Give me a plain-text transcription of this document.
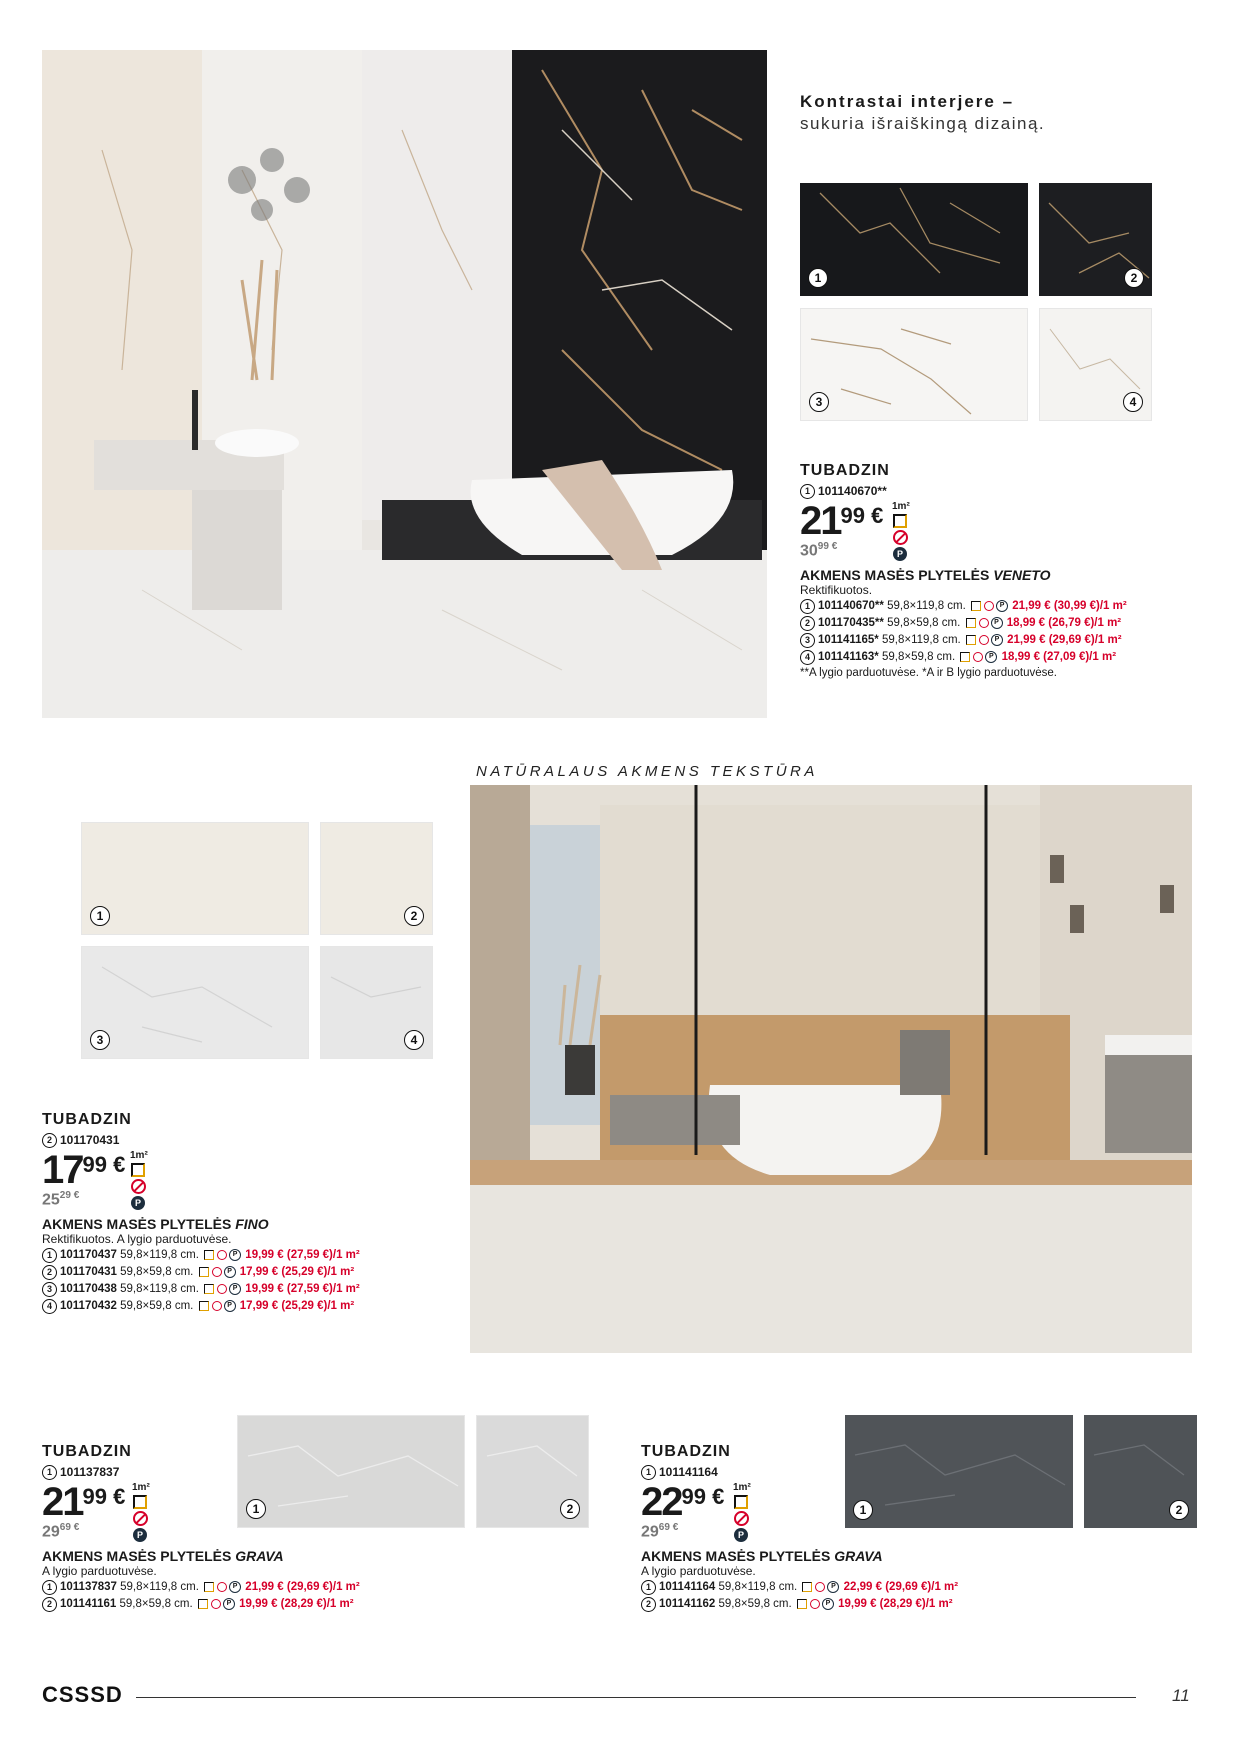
Kontrastai interjere –
sukuria išraiškingą dizainą.
1	2
3	4
TUBADZIN
1 101140670**
2199 €
$30^{99 €}$
1m²
P
AKMENS MASĖS PLYTELĖS VENETO
Rektifikuotos.
1 101140670** 59,8×119,8 cm.	P 21,99 € (30,99 €)/1 m²
2 101170435** 59,8×59,8 cm.	P 18,99 € (26,79 €)/1 m²
3 101141165* 59,8×119,8 cm.	P 21,99 € (29,69 €)/1 m²
4 101141163* 59,8×59,8 cm.	P 18,99 € (27,09 €)/1 m²
**A lygio parduotuvėse. *A ir B lygio parduotuvėse.
NATŪRALAUS AKMENS TEKSTŪRA
1	2
3	4
TUBADZIN
2 101170431
1799 €
$25^{29 €}$
1m²
P
AKMENS MASĖS PLYTELĖS FINO
Rektifikuotos. A lygio parduotuvėse.
1 101170437 59,8×119,8 cm.	P 19,99 € (27,59 €)/1 m²
2 101170431 59,8×59,8 cm.	P 17,99 € (25,29 €)/1 m²
3 101170438 59,8×119,8 cm.	P 19,99 € (27,59 €)/1 m²
4 101170432 59,8×59,8 cm.	P 17,99 € (25,29 €)/1 m²
TUBADZIN
1 101137837
2199 €
$29^{69 €}$
1m²
P
AKMENS MASĖS PLYTELĖS GRAVA
A lygio parduotuvėse.
1 101137837 59,8×119,8 cm.	P 21,99 € (29,69 €)/1 m²
2 101141161 59,8×59,8 cm.	P 19,99 € (28,29 €)/1 m²
1	2
TUBADZIN
1 101141164
2299 €
$29^{69 €}$
1m²
P
AKMENS MASĖS PLYTELĖS GRAVA
A lygio parduotuvėse.
1 101141164 59,8×119,8 cm.	P 22,99 € (29,69 €)/1 m²
2 101141162 59,8×59,8 cm.	P 19,99 € (28,29 €)/1 m²
1	2
CSSSD	11
